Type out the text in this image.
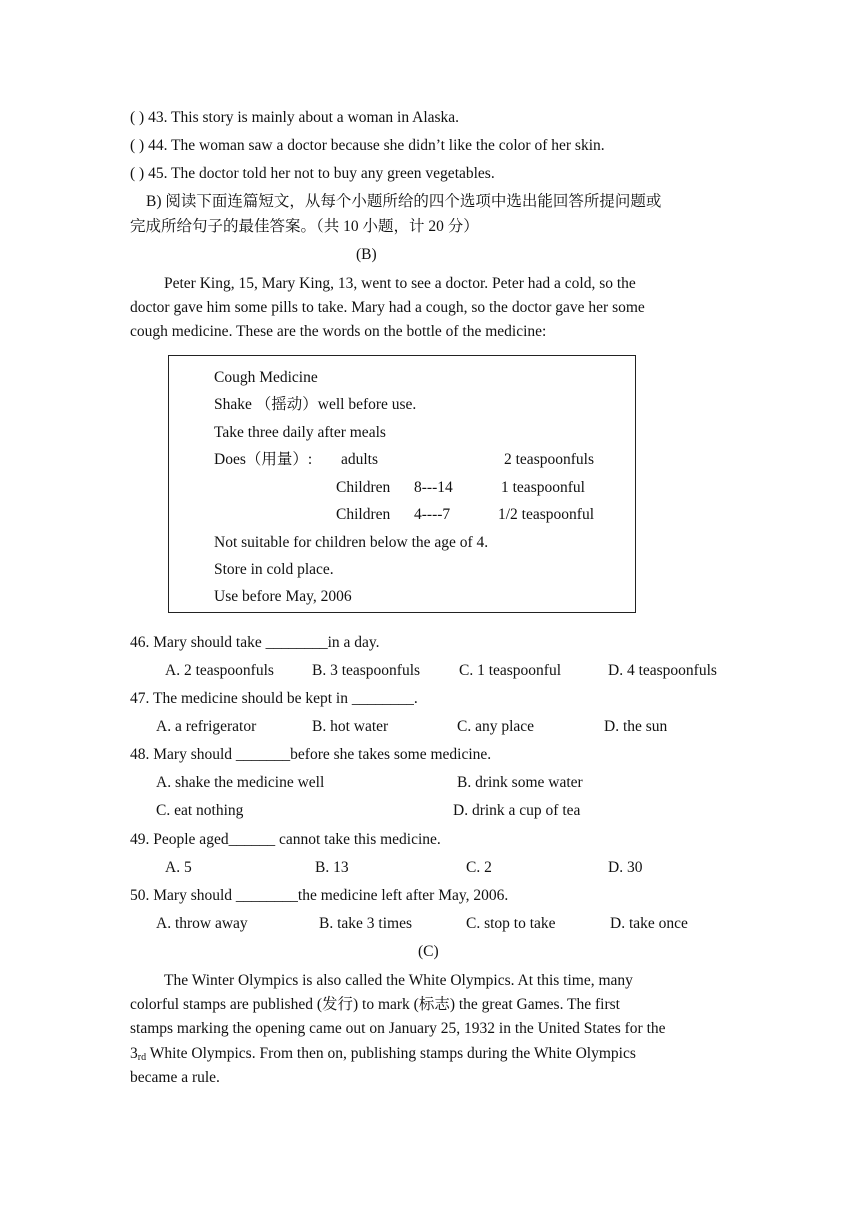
( ) 43. This story is mainly about a woman in Alaska.
( ) 44. The woman saw a doctor because she didn’t like the color of her skin.
( ) 45. The doctor told her not to buy any green vegetables.
B) 阅读下面连篇短文，从每个小题所给的四个选项中选出能回答所提问题或
完成所给句子的最佳答案。（共 10 小题，计 20 分）
(B)
Peter King, 15, Mary King, 13, went to see a doctor. Peter had a cold, so the
doctor gave him some pills to take. Mary had a cough, so the doctor gave her some
cough medicine. These are the words on the bottle of the medicine:
Cough Medicine
Shake （摇动）well before use.
Take three daily after meals
Does（用量）: adults	2 teaspoonfuls
Children 8---14	1 teaspoonful
Children 4----7	1/2 teaspoonful
Not suitable for children below the age of 4.
Store in cold place.
Use before May, 2006
46. Mary should take ________in a day.
A. 2 teaspoonfuls B. 3 teaspoonfuls	C. 1 teaspoonful	D. 4 teaspoonfuls
47. The medicine should be kept in ________.
A. a refrigerator	B. hot water	C. any place	D. the sun
48. Mary should _______before she takes some medicine.
A. shake the medicine well	B. drink some water
C. eat nothing	D. drink a cup of tea
49. People aged______ cannot take this medicine.
A. 5	B. 13	C. 2	D. 30
50. Mary should ________the medicine left after May, 2006.
A. throw away	B. take 3 times	C. stop to take	D. take once
(C)
The Winter Olympics is also called the White Olympics. At this time, many
colorful stamps are published (发行) to mark (标志) the great Games. The first
stamps marking the opening came out on January 25, 1932 in the United States for the
$3_{rd}$ White Olympics. From then on, publishing stamps during the White Olympics
became a rule.
